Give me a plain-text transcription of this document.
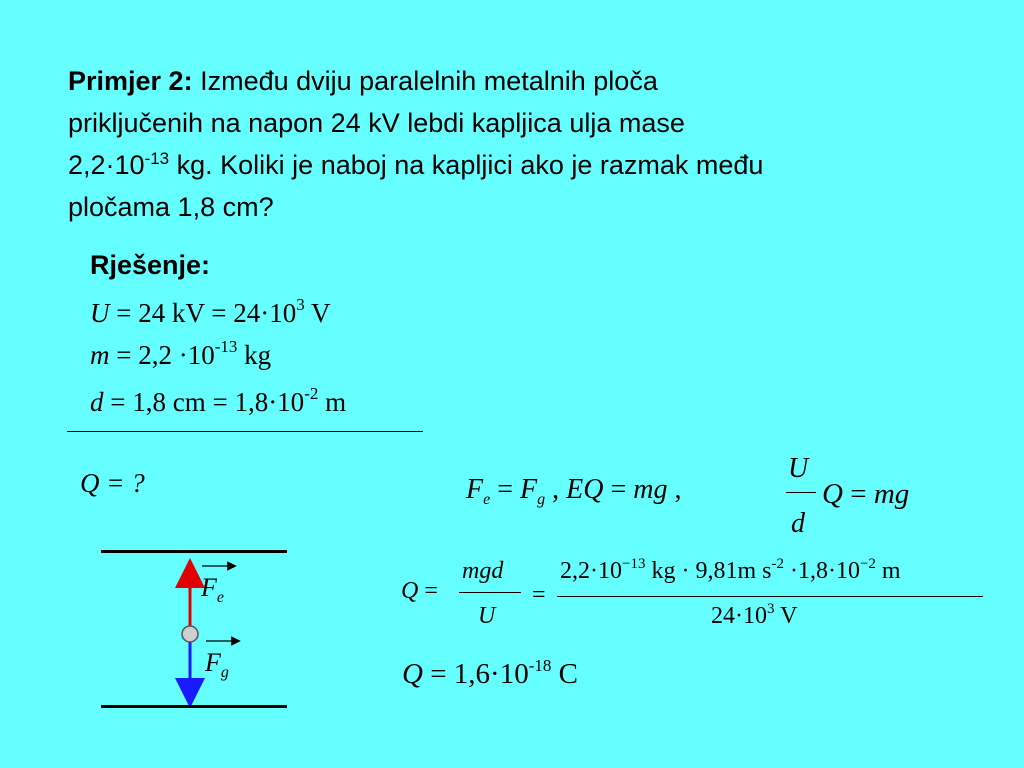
Primjer 2: Između dviju paralelnih metalnih ploča
priključenih na napon 24 kV lebdi kapljica ulja mase
$2,2\cdot 10^{-13}$ kg. Koliki je naboj na kapljici ako je razmak među
pločama 1,8 cm?
Rješenje:
U = 24 kV = $24\cdot 10^3$ V
$m = 2,2 \cdot 10^{-13}$ kg
d = 1,8 cm = $1,8\cdot 10^{-2}$ m
Q = ?	$F_e = F_g$ , EQ = mg ,
U
d
Q = mg
Q =
mgd
U
=
$2,2\cdot 10^{-13}$ kg · 9,81m $s^{-2} \cdot 1,8\cdot 10^{-2}$ m
$24\cdot 10^3$ V
$Q = 1,6\cdot 10^{-18}$ C
$F_e$
$F_g$
